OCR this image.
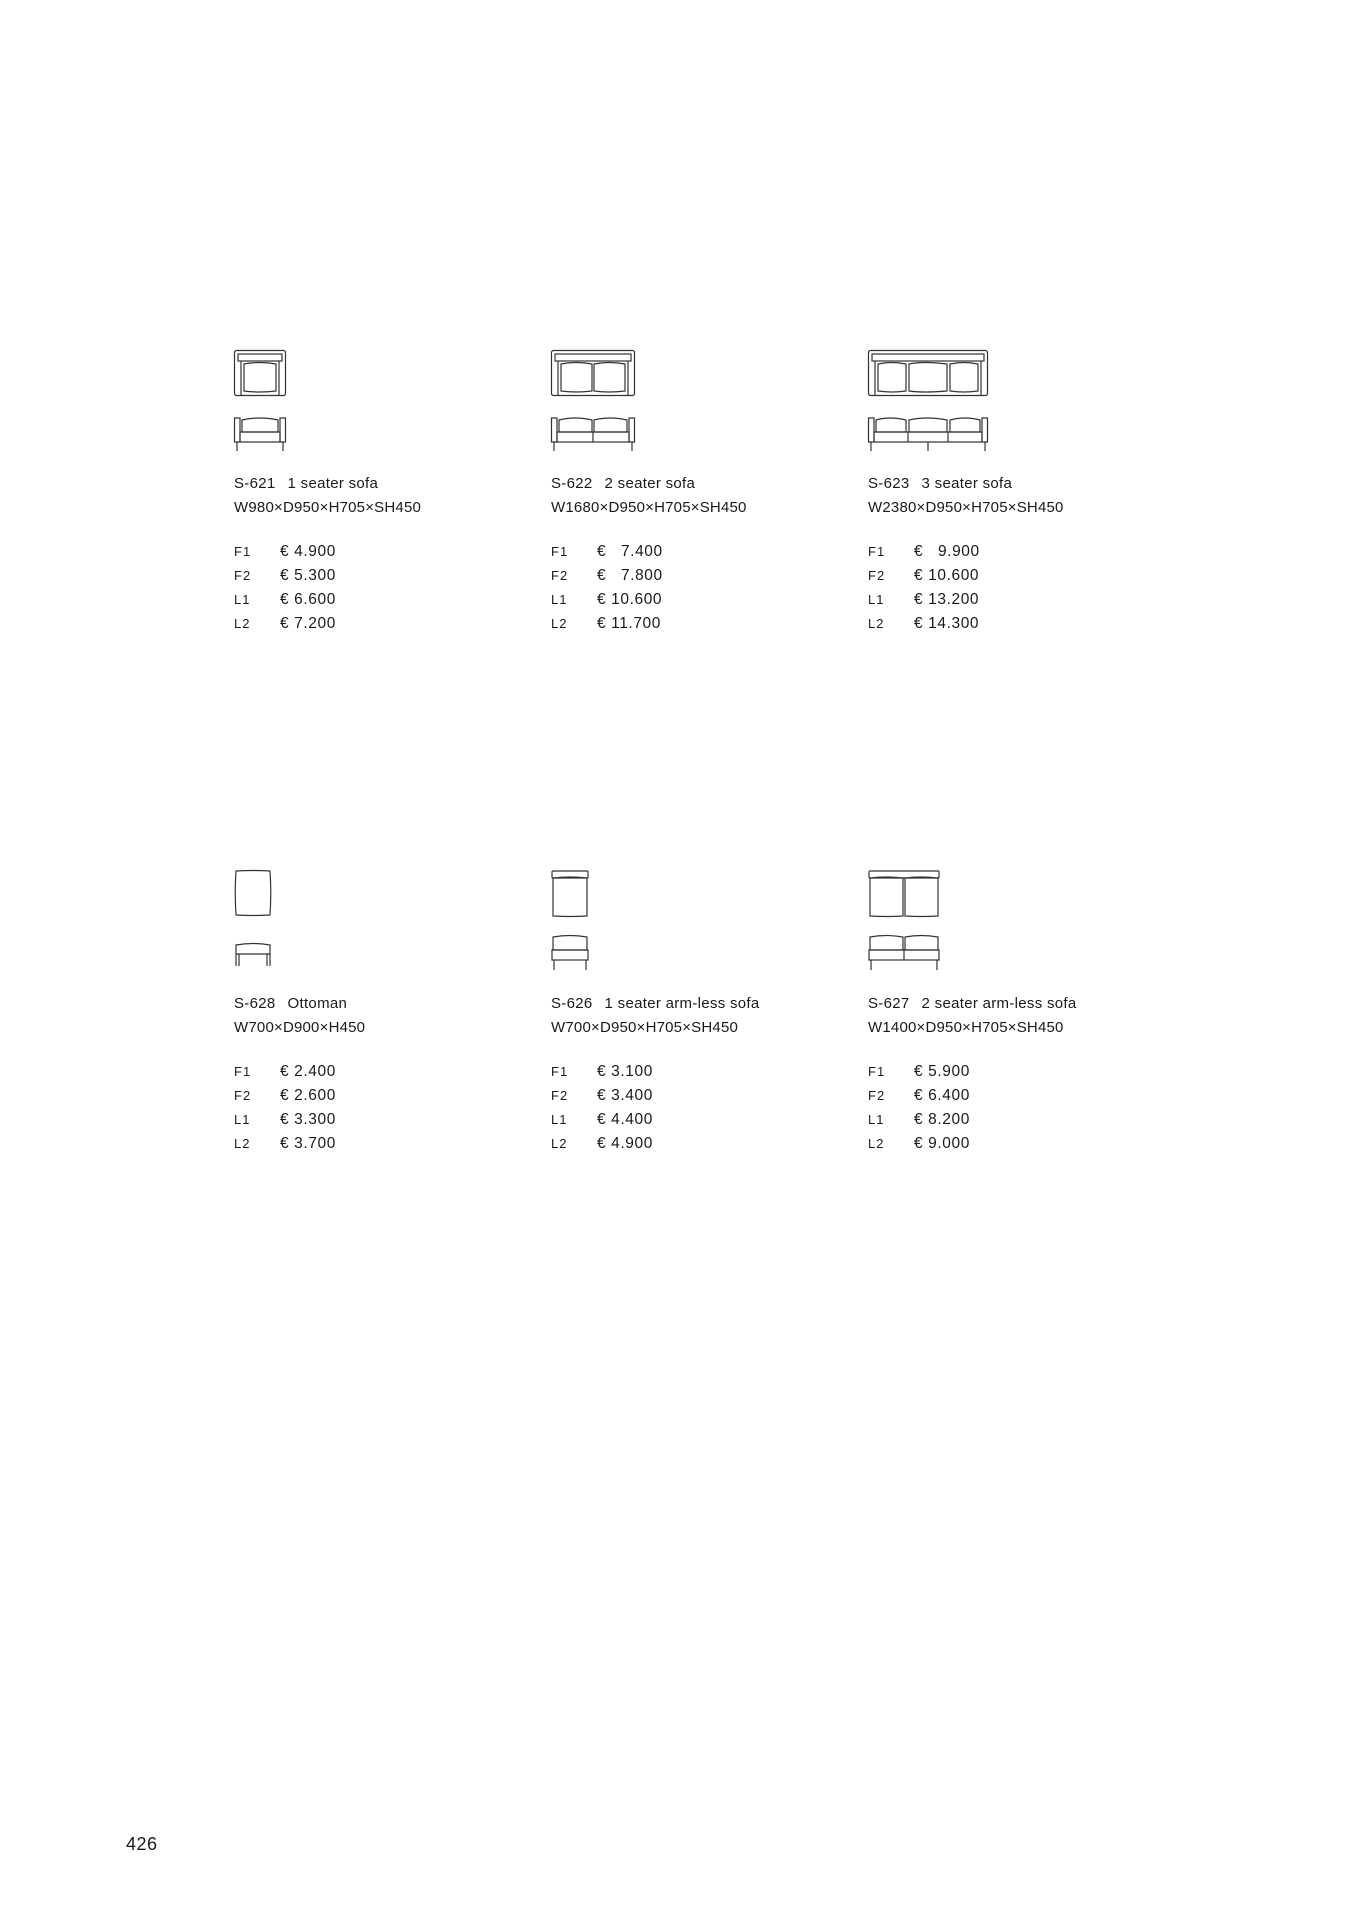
S-621 1 seater sofa
W980×D950×H705×SH450
F1 € 4.900
F2 € 5.300
L1 € 6.600
L2 € 7.200
S-622 2 seater sofa
W1680×D950×H705×SH450
F1 €   7.400
F2 €   7.800
L1 € 10.600
L2 € 11.700
S-623 3 seater sofa
W2380×D950×H705×SH450
F1 €   9.900
F2 € 10.600
L1 € 13.200
L2 € 14.300
S-628 Ottoman
W700×D900×H450
F1 € 2.400
F2 € 2.600
L1 € 3.300
L2 € 3.700
S-626 1 seater arm-less sofa
W700×D950×H705×SH450
F1 € 3.100
F2 € 3.400
L1 € 4.400
L2 € 4.900
S-627 2 seater arm-less sofa
W1400×D950×H705×SH450
F1 € 5.900
F2 € 6.400
L1 € 8.200
L2 € 9.000
426
